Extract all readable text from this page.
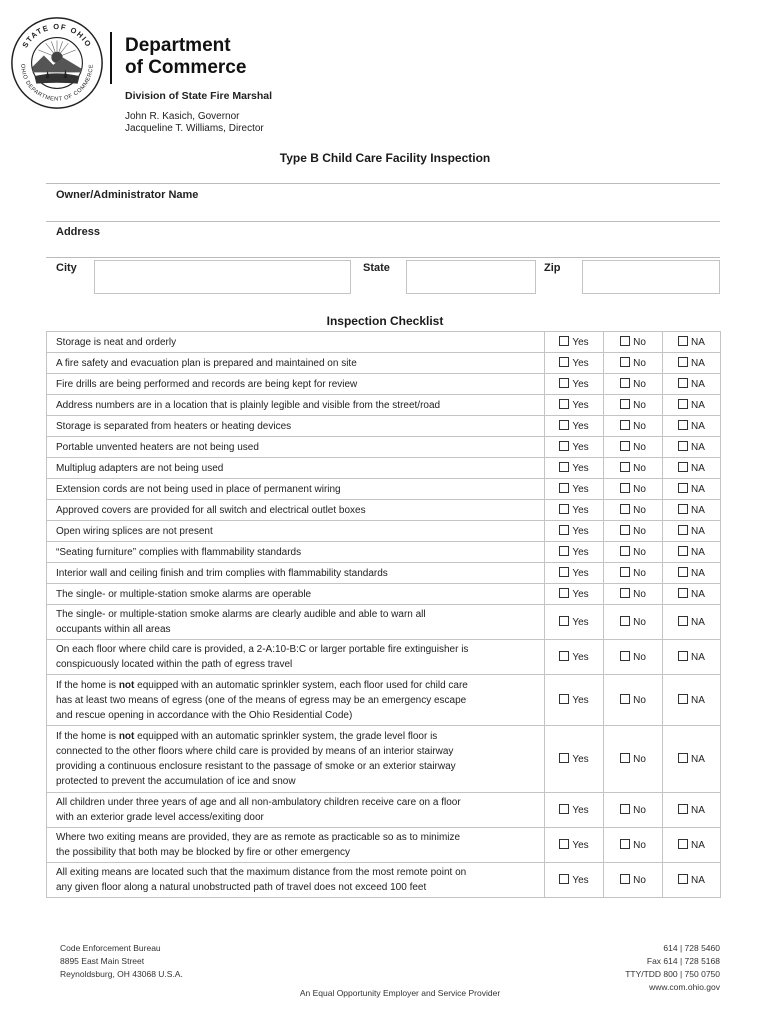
STATE OF OHIO
OHIO DEPARTMENT OF COMMERCE
Department
of Commerce
Division of State Fire Marshal
John R. Kasich, Governor
Jacqueline T. Williams, Director
Type B Child Care Facility Inspection
Owner/Administrator Name
Address
City	State	Zip
Inspection Checklist
Storage is neat and orderly	Yes	No	NA

A fire safety and evacuation plan is prepared and maintained on site	Yes	No	NA

Fire drills are being performed and records are being kept for review	Yes	No	NA

Address numbers are in a location that is plainly legible and visible from the street/road	Yes	No	NA

Storage is separated from heaters or heating devices	Yes	No	NA

Portable unvented heaters are not being used	Yes	No	NA

Multiplug adapters are not being used	Yes	No	NA

Extension cords are not being used in place of permanent wiring	Yes	No	NA

Approved covers are provided for all switch and electrical outlet boxes	Yes	No	NA

Open wiring splices are not present	Yes	No	NA

“Seating furniture” complies with flammability standards	Yes	No	NA

Interior wall and ceiling finish and trim complies with flammability standards	Yes	No	NA

The single- or multiple-station smoke alarms are operable	Yes	No	NA

The single- or multiple-station smoke alarms are clearly audible and able to warn all
occupants within all areas	Yes	No	NA

On each floor where child care is provided, a 2-A:10-B:C or larger portable fire extinguisher is
conspicuously located within the path of egress travel	Yes	No	NA

If the home is not equipped with an automatic sprinkler system, each floor used for child care
has at least two means of egress (one of the means of egress may be an emergency escape
and rescue opening in accordance with the Ohio Residential Code)	Yes	No	NA

If the home is not equipped with an automatic sprinkler system, the grade level floor is
connected to the other floors where child care is provided by means of an interior stairway
providing a continuous enclosure resistant to the passage of smoke or an exterior stairway
protected to prevent the accumulation of ice and snow	Yes	No	NA

All children under three years of age and all non-ambulatory children receive care on a floor
with an exterior grade level access/exiting door	Yes	No	NA

Where two exiting means are provided, they are as remote as practicable so as to minimize
the possibility that both may be blocked by fire or other emergency	Yes	No	NA

All exiting means are located such that the maximum distance from the most remote point on
any given floor along a natural unobstructed path of travel does not exceed 100 feet	Yes	No	NA
Code Enforcement Bureau
8895 East Main Street
Reynoldsburg, OH 43068 U.S.A.
614 | 728 5460
Fax 614 | 728 5168
TTY/TDD 800 | 750 0750
www.com.ohio.gov
An Equal Opportunity Employer and Service Provider
